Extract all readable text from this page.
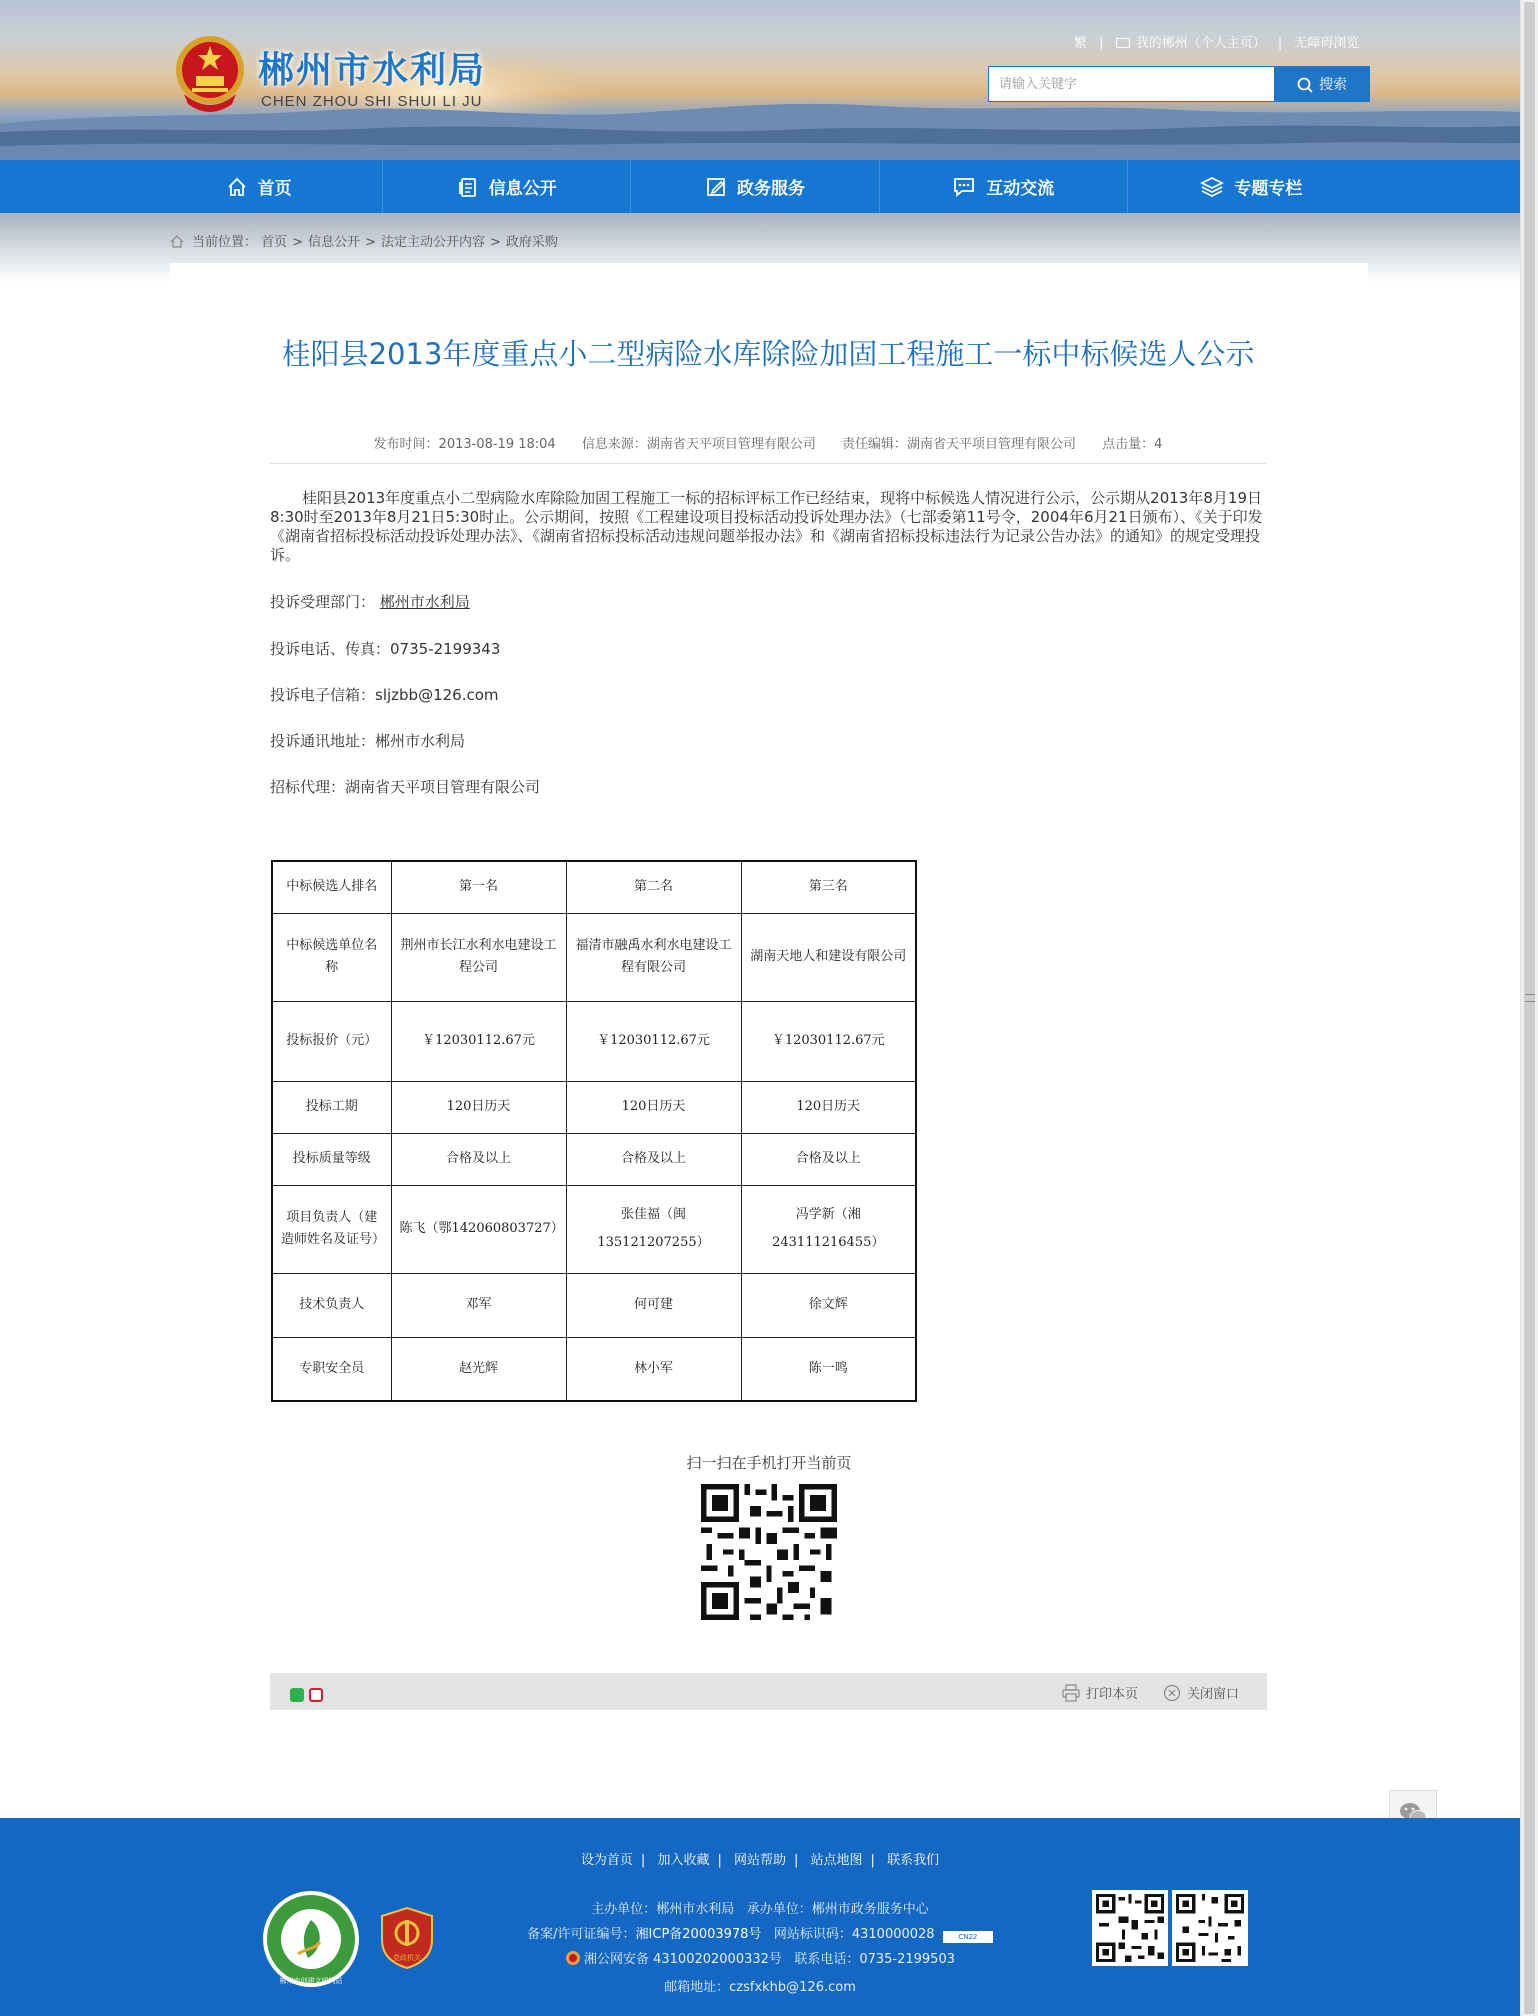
郴州市水利局
CHEN ZHOU SHI SHUI LI JU
繁 | 我的郴州（个人主页） | 无障碍浏览
请输入关键字
搜索
首页	信息公开	政务服务	互动交流	专题专栏
当前位置： 首页 > 信息公开 > 法定主动公开内容 > 政府采购
桂阳县2013年度重点小二型病险水库除险加固工程施工一标中标候选人公示
发布时间：2013-08-19 18:04 信息来源：湖南省天平项目管理有限公司 责任编辑：湖南省天平项目管理有限公司 点击量：4

桂阳县2013年度重点小二型病险水库除险加固工程施工一标的招标评标工作已经结束，现将中标候选人情况进行公示，公示期从2013年8月19日8:30时至2013年8月21日5:30时止。公示期间，按照《工程建设项目投标活动投诉处理办法》（七部委第11号令，2004年6月21日颁布）、《关于印发《湖南省招标投标活动投诉处理办法》、《湖南省招标投标活动违规问题举报办法》和《湖南省招标投标违法行为记录公告办法》的通知》的规定受理投诉。

投诉受理部门： 郴州市水利局
投诉电话、传真：0735-2199343
投诉电子信箱：sljzbb@126.com
投诉通讯地址：郴州市水利局
招标代理：湖南省天平项目管理有限公司
中标候选人排名	第一名	第二名	第三名
中标候选单位名称	荆州市长江水利水电建设工程公司	福清市融禹水利水电建设工程有限公司	湖南天地人和建设有限公司
投标报价（元）	￥12030112.67元	￥12030112.67元	￥12030112.67元
投标工期	120日历天	120日历天	120日历天
投标质量等级	合格及以上	合格及以上	合格及以上
项目负责人（建造师姓名及证号）	陈飞（鄂142060803727）	张佳福（闽135121207255）	冯学新（湘243111216455）
技术负责人	邓军	何可建	徐文辉
专职安全员	赵光辉	林小军	陈一鸣
扫一扫在手机打开当前页
打印本页	关闭窗口
设为首页 | 加入收藏 | 网站帮助 | 站点地图 | 联系我们
郴州市创建文明网站
党政机关
主办单位：郴州市水利局 承办单位：郴州市政务服务中心
备案/许可证编号：湘ICP备20003978号 网站标识码：4310000028	CN22
湘公网安备 43100202000332号 联系电话：0735-2199503
邮箱地址：czsfxkhb@126.com
